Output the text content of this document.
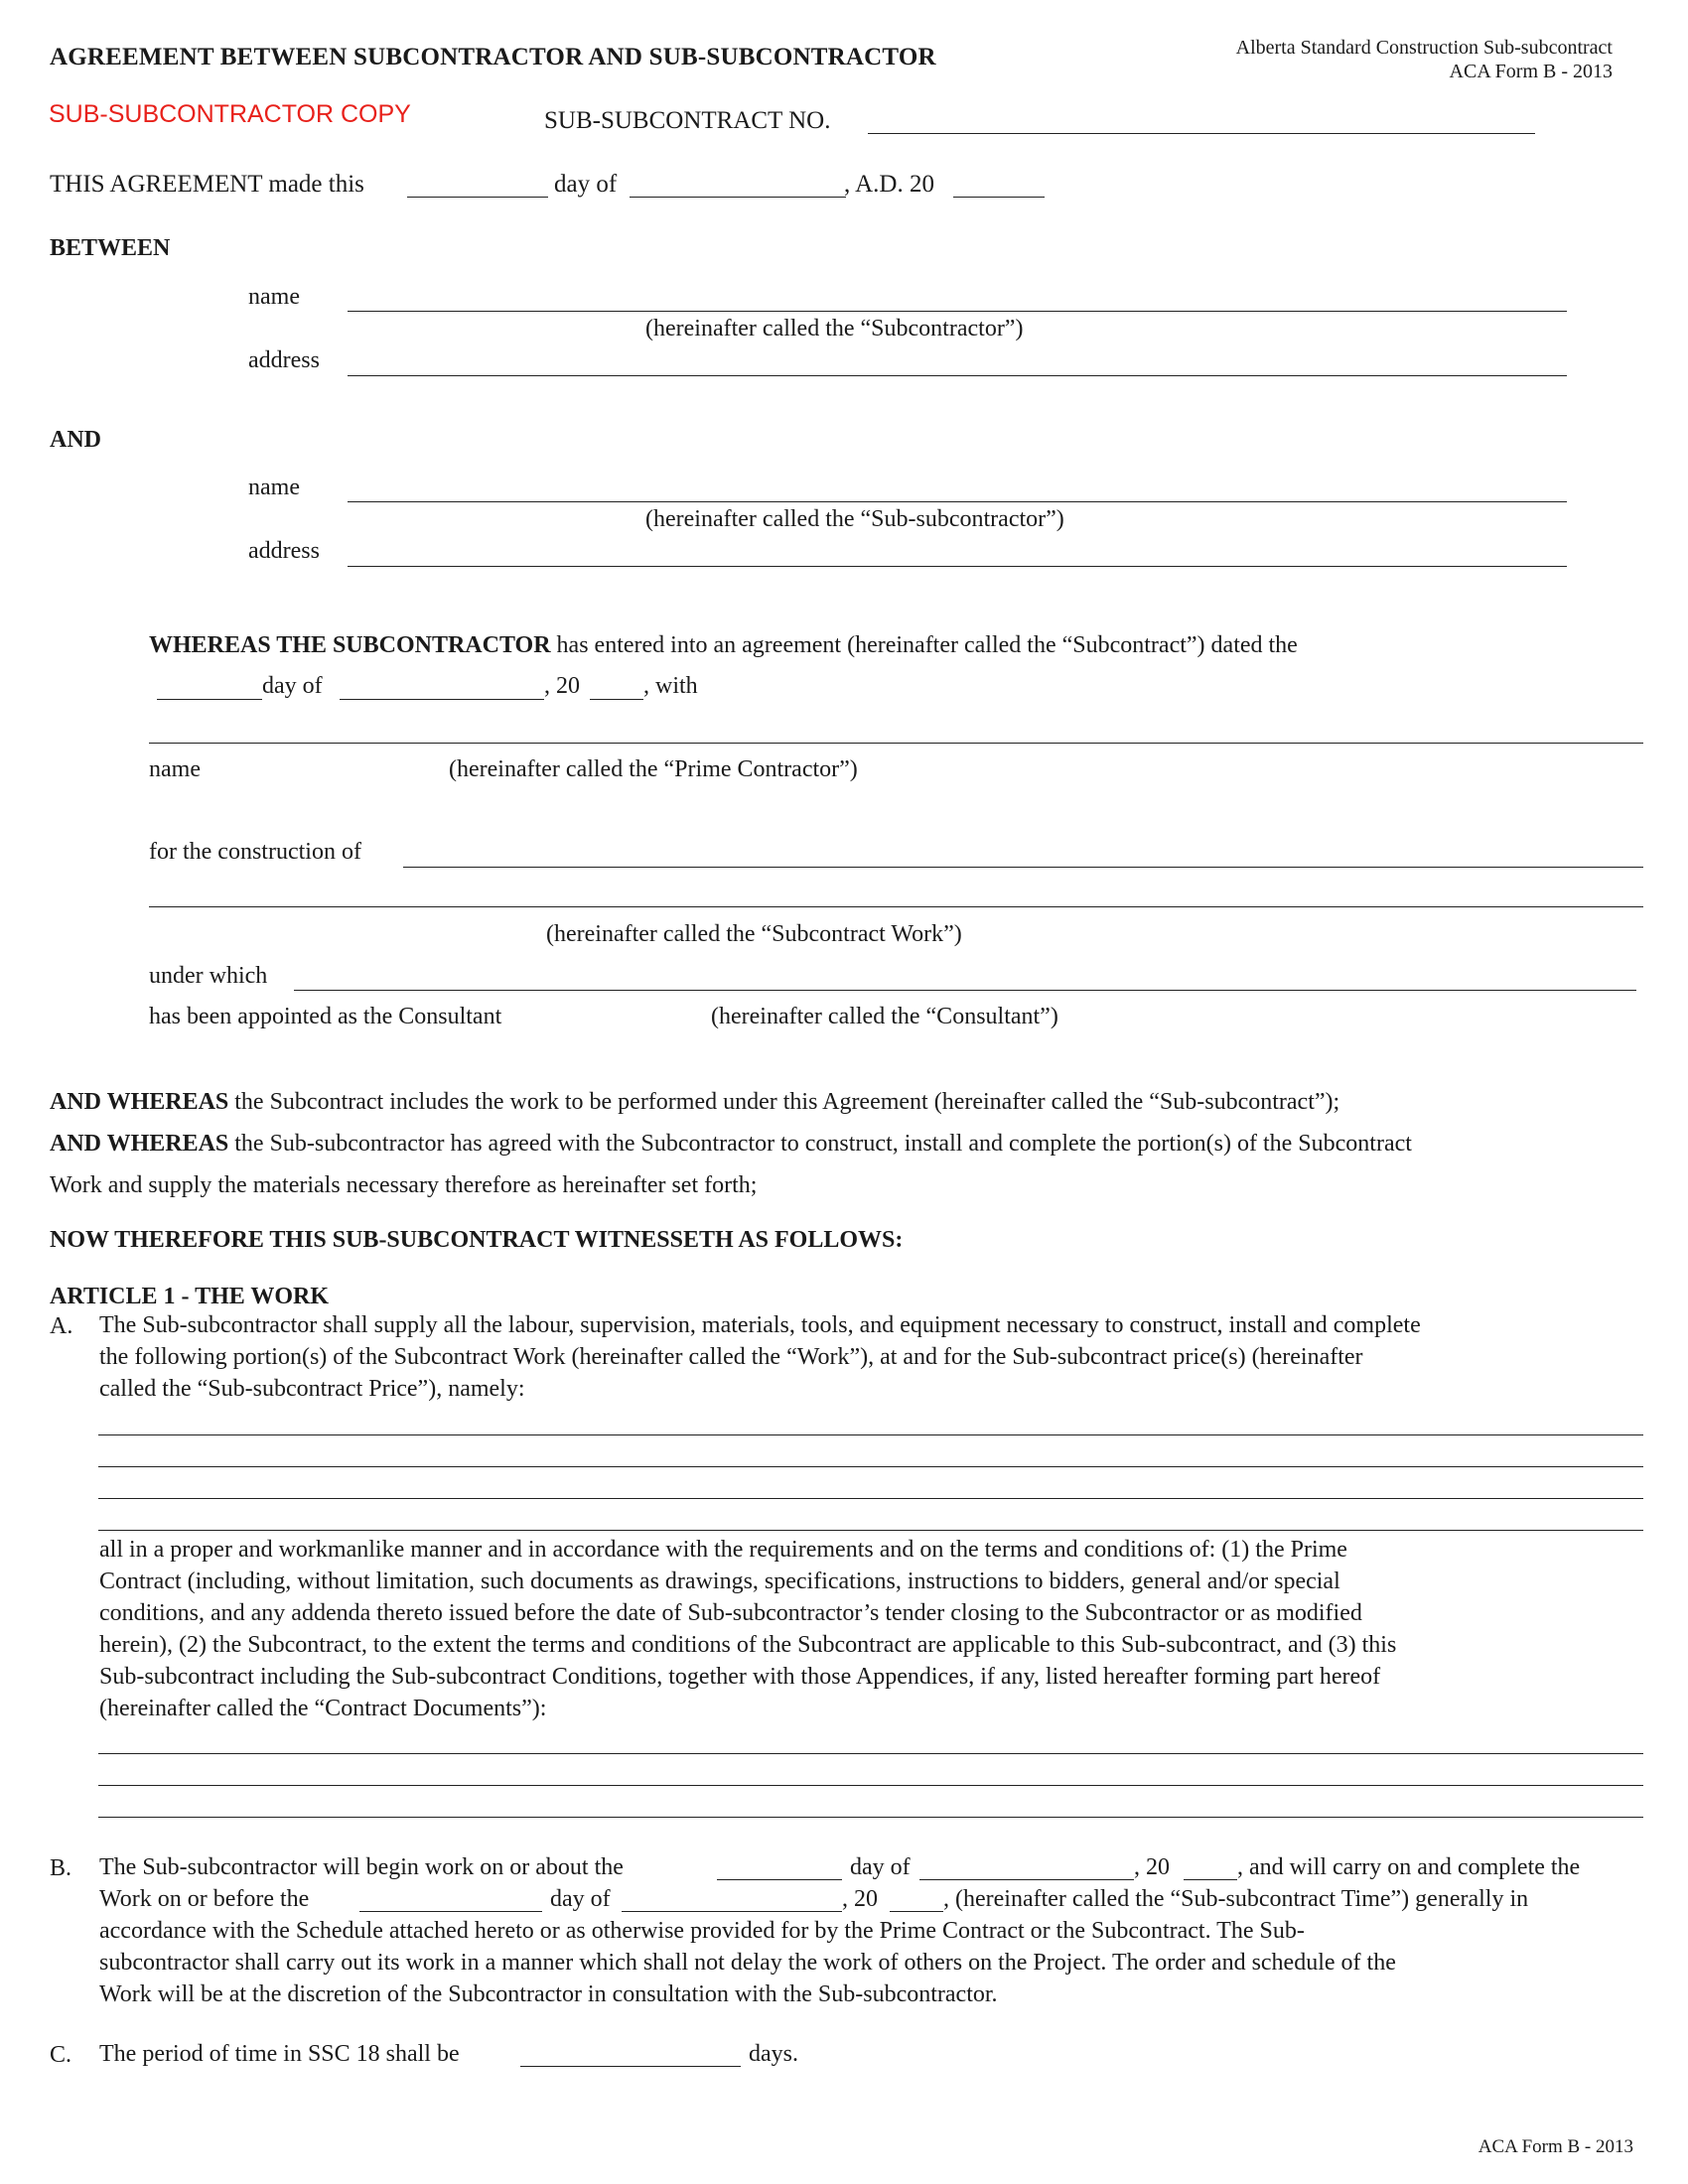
AGREEMENT BETWEEN SUBCONTRACTOR AND SUB-SUBCONTRACTOR	Alberta Standard Construction Sub-subcontract
ACA Form B - 2013
SUB-SUBCONTRACTOR COPY	SUB-SUBCONTRACT NO.
THIS AGREEMENT made this	day of	, A.D. 20
BETWEEN
name
(hereinafter called the “Subcontractor”)
address
AND
name
(hereinafter called the “Sub-subcontractor”)
address
WHEREAS THE SUBCONTRACTOR has entered into an agreement (hereinafter called the “Subcontract”) dated the
day of	, 20	, with
name	(hereinafter called the “Prime Contractor”)
for the construction of
(hereinafter called the “Subcontract Work”)
under which
has been appointed as the Consultant	(hereinafter called the “Consultant”)
AND WHEREAS the Subcontract includes the work to be performed under this Agreement (hereinafter called the “Sub-subcontract”);
AND WHEREAS the Sub-subcontractor has agreed with the Subcontractor to construct, install and complete the portion(s) of the Subcontract
Work and supply the materials necessary therefore as hereinafter set forth;
NOW THEREFORE THIS SUB-SUBCONTRACT WITNESSETH AS FOLLOWS:
ARTICLE 1 - THE WORK
A. The Sub-subcontractor shall supply all the labour, supervision, materials, tools, and equipment necessary to construct, install and complete
the following portion(s) of the Subcontract Work (hereinafter called the “Work”), at and for the Sub-subcontract price(s) (hereinafter
called the “Sub-subcontract Price”), namely:
all in a proper and workmanlike manner and in accordance with the requirements and on the terms and conditions of: (1) the Prime
Contract (including, without limitation, such documents as drawings, specifications, instructions to bidders, general and/or special
conditions, and any addenda thereto issued before the date of Sub-subcontractor’s tender closing to the Subcontractor or as modified
herein), (2) the Subcontract, to the extent the terms and conditions of the Subcontract are applicable to this Sub-subcontract, and (3) this
Sub-subcontract including the Sub-subcontract Conditions, together with those Appendices, if any, listed hereafter forming part hereof
(hereinafter called the “Contract Documents”):
B. The Sub-subcontractor will begin work on or about the	day of	, 20	, and will carry on and complete the
Work on or before the	day of	, 20	, (hereinafter called the “Sub-subcontract Time”) generally in
accordance with the Schedule attached hereto or as otherwise provided for by the Prime Contract or the Subcontract. The Sub-
subcontractor shall carry out its work in a manner which shall not delay the work of others on the Project. The order and schedule of the
Work will be at the discretion of the Subcontractor in consultation with the Sub-subcontractor.
C. The period of time in SSC 18 shall be	days.
ACA Form B - 2013
